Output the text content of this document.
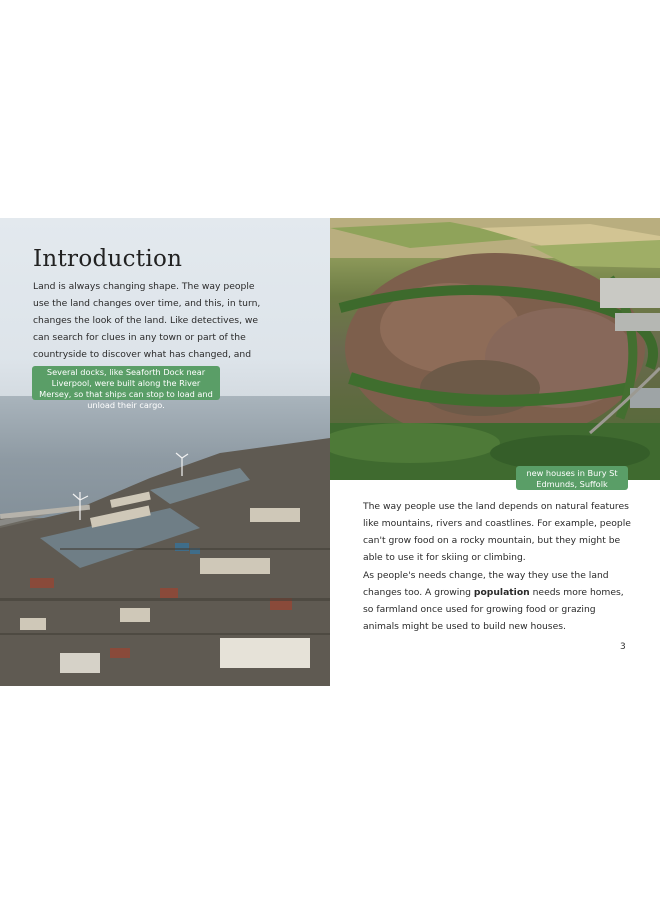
Introduction

Land is always changing shape. The way people use the land changes over time, and this, in turn, changes the look of the land. Like detectives, we can search for clues in any town or part of the countryside to discover what has changed, and

Several docks, like Seaforth Dock near Liverpool, were built along the River Mersey, so that ships can stop to load and unload their cargo.
new houses in Bury St Edmunds, Suffolk

The way people use the land depends on natural features like mountains, rivers and coastlines. For example, people can't grow food on a rocky mountain, but they might be able to use it for skiing or climbing.

As people's needs change, the way they use the land changes too. A growing population needs more homes, so farmland once used for growing food or grazing animals might be used to build new houses.

3
